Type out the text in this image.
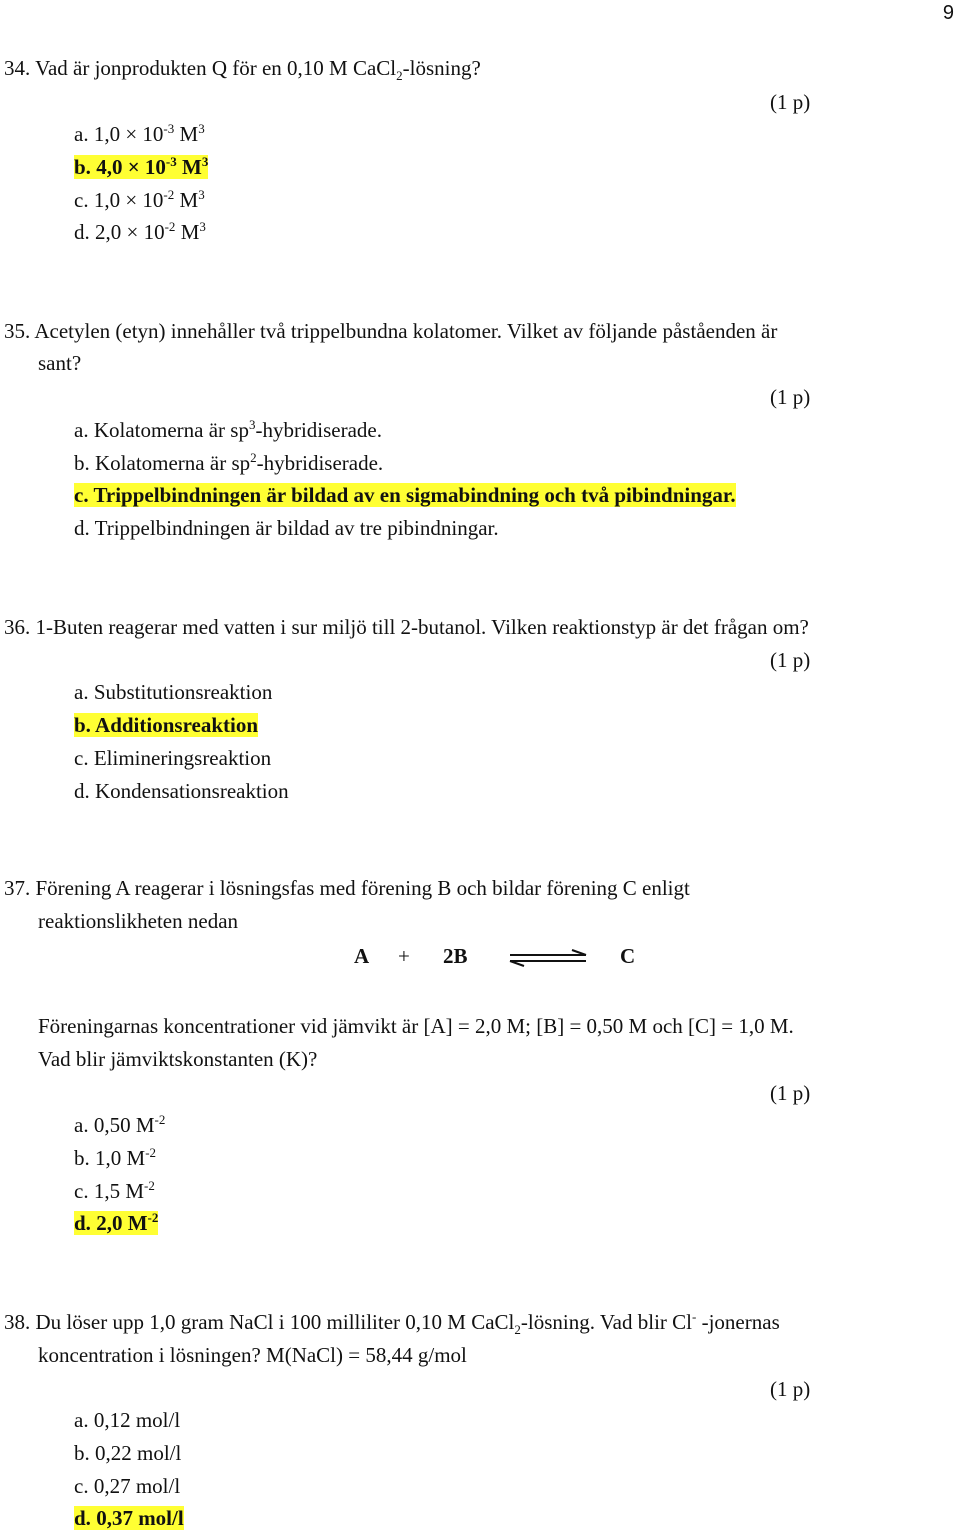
9
34. Vad är jonprodukten Q för en 0,10 M CaCl$_2$-lösning?
(1 p)
a. $1,0 \times 10^{-3}$ $M^3$
b. $4,0 \times 10^{-3}$ $M^3$
c. $1,0 \times 10^{-2}$ $M^3$
d. $2,0 \times 10^{-2}$ $M^3$
35. Acetylen (etyn) innehåller två trippelbundna kolatomer. Vilket av följande påståenden är
sant?
(1 p)
a. Kolatomerna är $sp^3$-hybridiserade.
b. Kolatomerna är $sp^2$-hybridiserade.
c. Trippelbindningen är bildad av en sigmabindning och två pibindningar.
d. Trippelbindningen är bildad av tre pibindningar.
36. 1-Buten reagerar med vatten i sur miljö till 2-butanol. Vilken reaktionstyp är det frågan om?
(1 p)
a. Substitutionsreaktion
b. Additionsreaktion
c. Elimineringsreaktion
d. Kondensationsreaktion
37. Förening A reagerar i lösningsfas med förening B och bildar förening C enligt
reaktionslikheten nedan
A + 2B	C
Föreningarnas koncentrationer vid jämvikt är [A] = 2,0 M; [B] = 0,50 M och [C] = 1,0 M.
Vad blir jämviktskonstanten (K)?
(1 p)
a. 0,50 $M^{-2}$
b. 1,0 $M^{-2}$
c. 1,5 $M^{-2}$
d. 2,0 $M^{-2}$
38. Du löser upp 1,0 gram NaCl i 100 milliliter 0,10 M CaCl$_2$-lösning. Vad blir Cl- -jonernas
koncentration i lösningen? M(NaCl) = 58,44 g/mol
(1 p)
a. 0,12 mol/l
b. 0,22 mol/l
c. 0,27 mol/l
d. 0,37 mol/l
